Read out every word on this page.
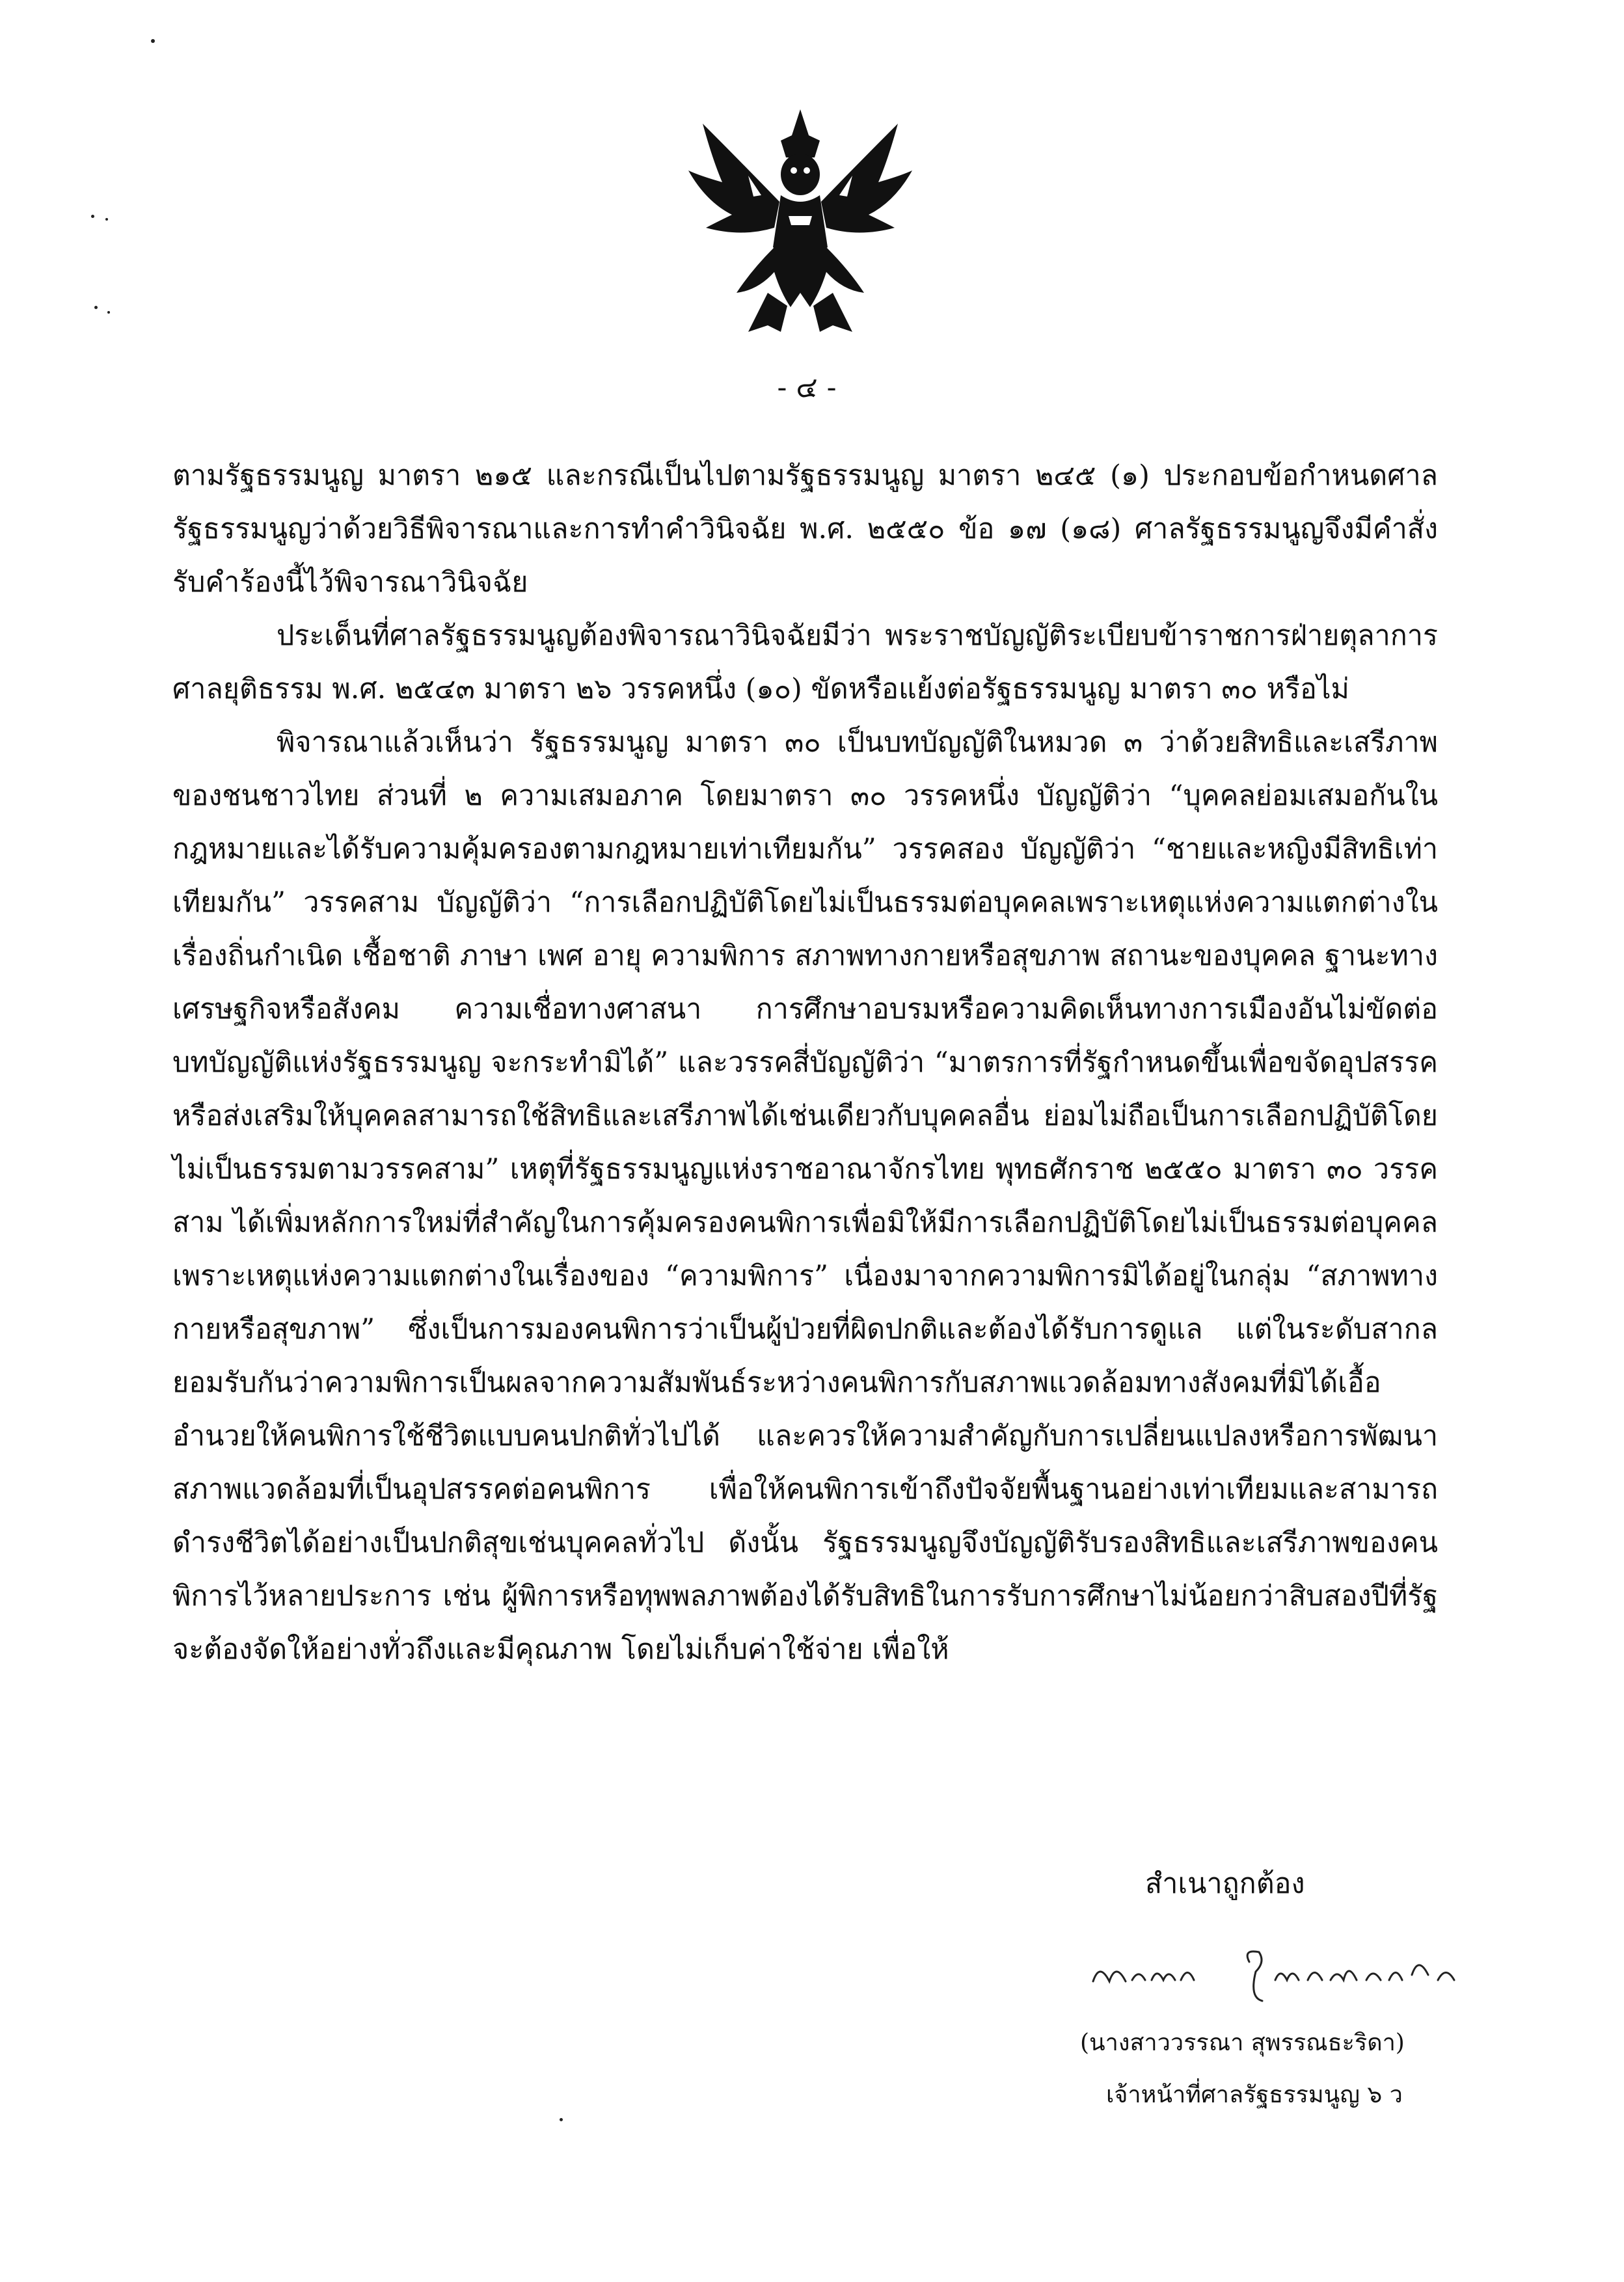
- ๔ -

ตามรัฐธรรมนูญ มาตรา ๒๑๕ และกรณีเป็นไปตามรัฐธรรมนูญ มาตรา ๒๔๕ (๑) ประกอบข้อกำหนดศาลรัฐธรรมนูญว่าด้วยวิธีพิจารณาและการทำคำวินิจฉัย พ.ศ. ๒๕๕๐ ข้อ ๑๗ (๑๘) ศาลรัฐธรรมนูญจึงมีคำสั่งรับคำร้องนี้ไว้พิจารณาวินิจฉัย

ประเด็นที่ศาลรัฐธรรมนูญต้องพิจารณาวินิจฉัยมีว่า พระราชบัญญัติระเบียบข้าราชการฝ่ายตุลาการศาลยุติธรรม พ.ศ. ๒๕๔๓ มาตรา ๒๖ วรรคหนึ่ง (๑๐) ขัดหรือแย้งต่อรัฐธรรมนูญ มาตรา ๓๐ หรือไม่

พิจารณาแล้วเห็นว่า รัฐธรรมนูญ มาตรา ๓๐ เป็นบทบัญญัติในหมวด ๓ ว่าด้วยสิทธิและเสรีภาพของชนชาวไทย ส่วนที่ ๒ ความเสมอภาค โดยมาตรา ๓๐ วรรคหนึ่ง บัญญัติว่า “บุคคลย่อมเสมอกันในกฎหมายและได้รับความคุ้มครองตามกฎหมายเท่าเทียมกัน” วรรคสอง บัญญัติว่า “ชายและหญิงมีสิทธิเท่าเทียมกัน” วรรคสาม บัญญัติว่า “การเลือกปฏิบัติโดยไม่เป็นธรรมต่อบุคคลเพราะเหตุแห่งความแตกต่างในเรื่องถิ่นกำเนิด เชื้อชาติ ภาษา เพศ อายุ ความพิการ สภาพทางกายหรือสุขภาพ สถานะของบุคคล ฐานะทางเศรษฐกิจหรือสังคม ความเชื่อทางศาสนา การศึกษาอบรมหรือความคิดเห็นทางการเมืองอันไม่ขัดต่อบทบัญญัติแห่งรัฐธรรมนูญ จะกระทำมิได้” และวรรคสี่บัญญัติว่า “มาตรการที่รัฐกำหนดขึ้นเพื่อขจัดอุปสรรคหรือส่งเสริมให้บุคคลสามารถใช้สิทธิและเสรีภาพได้เช่นเดียวกับบุคคลอื่น ย่อมไม่ถือเป็นการเลือกปฏิบัติโดยไม่เป็นธรรมตามวรรคสาม” เหตุที่รัฐธรรมนูญแห่งราชอาณาจักรไทย พุทธศักราช ๒๕๕๐ มาตรา ๓๐ วรรคสาม ได้เพิ่มหลักการใหม่ที่สำคัญในการคุ้มครองคนพิการเพื่อมิให้มีการเลือกปฏิบัติโดยไม่เป็นธรรมต่อบุคคลเพราะเหตุแห่งความแตกต่างในเรื่องของ “ความพิการ” เนื่องมาจากความพิการมิได้อยู่ในกลุ่ม “สภาพทางกายหรือสุขภาพ” ซึ่งเป็นการมองคนพิการว่าเป็นผู้ป่วยที่ผิดปกติและต้องได้รับการดูแล แต่ในระดับสากลยอมรับกันว่าความพิการเป็นผลจากความสัมพันธ์ระหว่างคนพิการกับสภาพแวดล้อมทางสังคมที่มิได้เอื้ออำนวยให้คนพิการใช้ชีวิตแบบคนปกติทั่วไปได้ และควรให้ความสำคัญกับการเปลี่ยนแปลงหรือการพัฒนาสภาพแวดล้อมที่เป็นอุปสรรคต่อคนพิการ เพื่อให้คนพิการเข้าถึงปัจจัยพื้นฐานอย่างเท่าเทียมและสามารถดำรงชีวิตได้อย่างเป็นปกติสุขเช่นบุคคลทั่วไป ดังนั้น รัฐธรรมนูญจึงบัญญัติรับรองสิทธิและเสรีภาพของคนพิการไว้หลายประการ เช่น ผู้พิการหรือทุพพลภาพต้องได้รับสิทธิในการรับการศึกษาไม่น้อยกว่าสิบสองปีที่รัฐจะต้องจัดให้อย่างทั่วถึงและมีคุณภาพ โดยไม่เก็บค่าใช้จ่าย เพื่อให้

สำเนาถูกต้อง
(นางสาววรรณา สุพรรณธะริดา)
เจ้าหน้าที่ศาลรัฐธรรมนูญ ๖ ว
